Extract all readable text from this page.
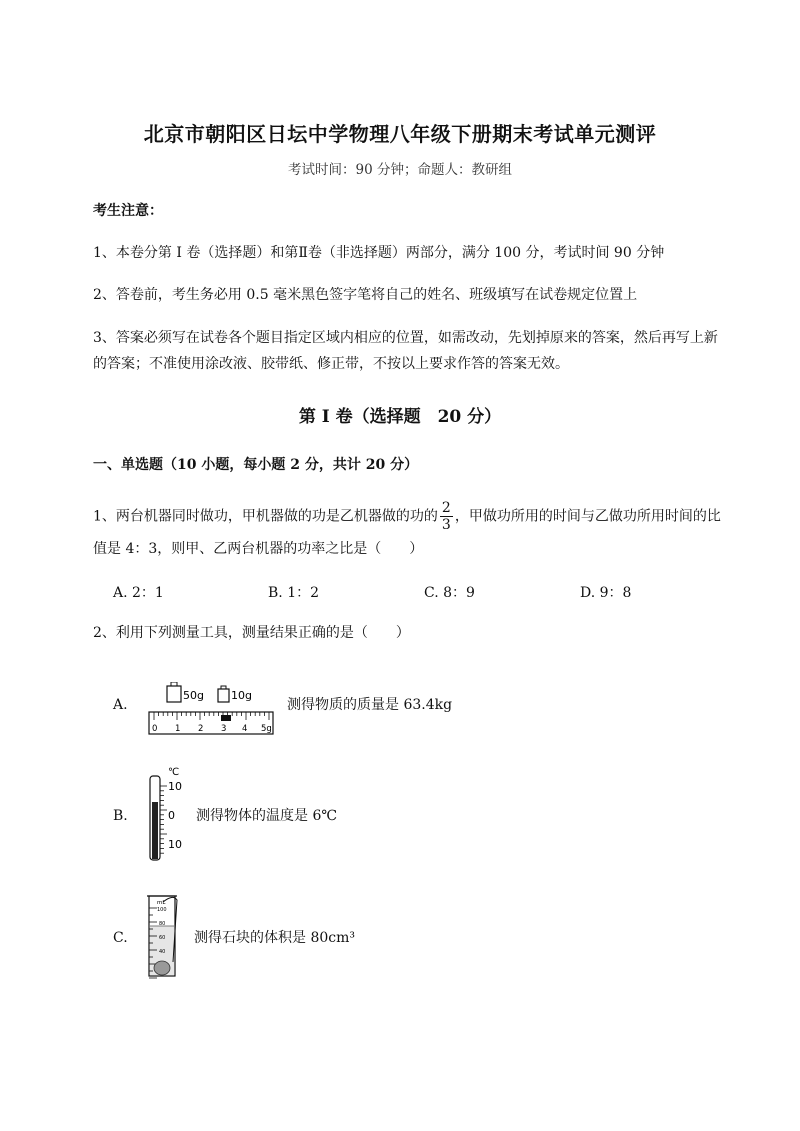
北京市朝阳区日坛中学物理八年级下册期末考试单元测评
考试时间：90 分钟；命题人：教研组
考生注意：
1、本卷分第 I 卷（选择题）和第Ⅱ卷（非选择题）两部分，满分 100 分，考试时间 90 分钟
2、答卷前，考生务必用 0.5 毫米黑色签字笔将自己的姓名、班级填写在试卷规定位置上
3、答案必须写在试卷各个题目指定区域内相应的位置，如需改动，先划掉原来的答案，然后再写上新
的答案；不准使用涂改液、胶带纸、修正带，不按以上要求作答的答案无效。
第 I 卷（选择题　20 分）
一、单选题（10 小题，每小题 2 分，共计 20 分）
1、两台机器同时做功，甲机器做的功是乙机器做的功的 $\frac{2}{3}$ ，甲做功所用的时间与乙做功所用时间的比
值是 4：3，则甲、乙两台机器的功率之比是（　　）
A. 2：1	B. 1：2	C. 8：9	D. 9：8
2、利用下列测量工具，测量结果正确的是（　　）
A.
50g 10g
0 1 2 3 4 5g
测得物质的质量是 63.4kg
B.
℃
10
0
10
测得物体的温度是 6℃
C.
mL
100
80
60
40
测得石块的体积是 80cm³
